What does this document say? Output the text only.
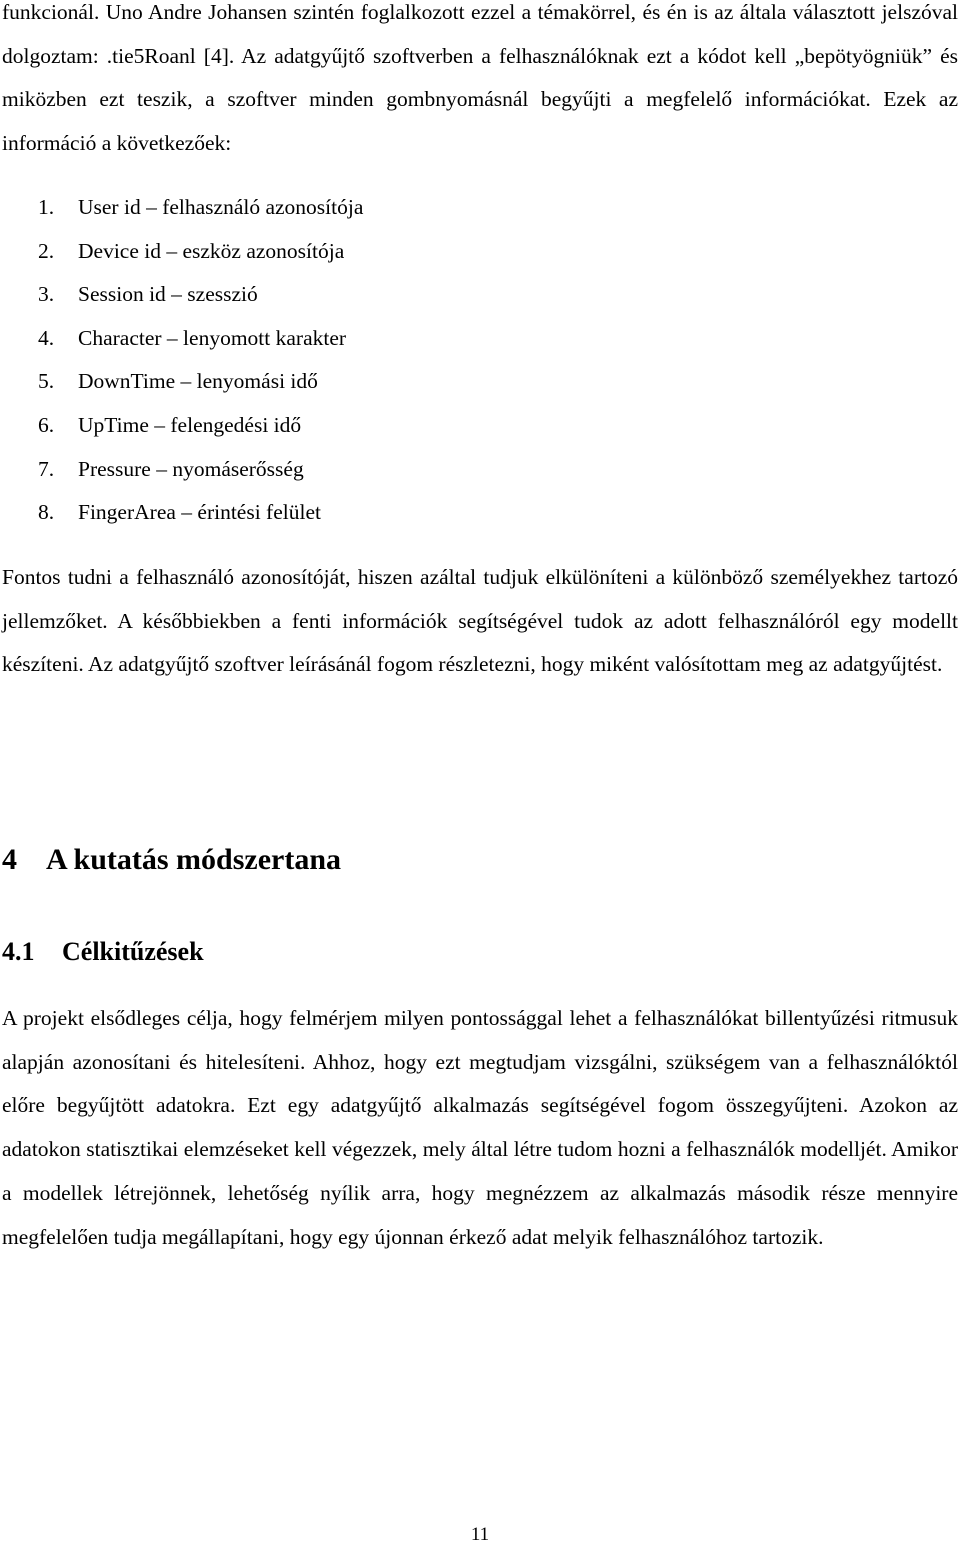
funkcionál. Uno Andre Johansen szintén foglalkozott ezzel a témakörrel, és én is az általa választott jelszóval dolgoztam: .tie5Roanl [4]. Az adatgyűjtő szoftverben a felhasználóknak ezt a kódot kell „bepötyögniük” és miközben ezt teszik, a szoftver minden gombnyomásnál begyűjti a megfelelő információkat. Ezek az információ a következőek:

1. User id – felhasználó azonosítója
2. Device id – eszköz azonosítója
3. Session id – szesszió
4. Character – lenyomott karakter
5. DownTime – lenyomási idő
6. UpTime – felengedési idő
7. Pressure – nyomáserősség
8. FingerArea – érintési felület

Fontos tudni a felhasználó azonosítóját, hiszen azáltal tudjuk elkülöníteni a különböző személyekhez tartozó jellemzőket. A későbbiekben a fenti információk segítségével tudok az adott felhasználóról egy modellt készíteni. Az adatgyűjtő szoftver leírásánál fogom részletezni, hogy miként valósítottam meg az adatgyűjtést.

4 A kutatás módszertana
4.1 Célkitűzések

A projekt elsődleges célja, hogy felmérjem milyen pontossággal lehet a felhasználókat billentyűzési ritmusuk alapján azonosítani és hitelesíteni. Ahhoz, hogy ezt megtudjam vizsgálni, szükségem van a felhasználóktól előre begyűjtött adatokra. Ezt egy adatgyűjtő alkalmazás segítségével fogom összegyűjteni. Azokon az adatokon statisztikai elemzéseket kell végezzek, mely által létre tudom hozni a felhasználók modelljét. Amikor a modellek létrejönnek, lehetőség nyílik arra, hogy megnézzem az alkalmazás második része mennyire megfelelően tudja megállapítani, hogy egy újonnan érkező adat melyik felhasználóhoz tartozik.

11
